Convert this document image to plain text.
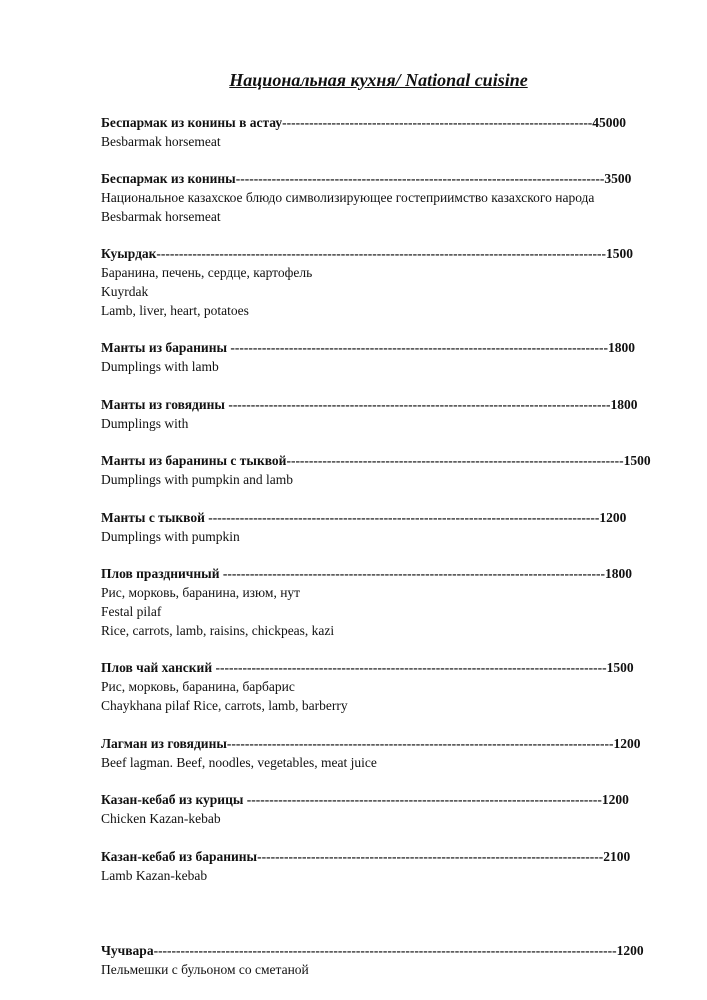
Национальная кухня/ National cuisine
Беспармак из конины в астау---------------------------------------------------------------------45000
Besbarmak horsemeat
Беспармак из конины----------------------------------------------------------------------------------3500
Национальное казахское блюдо символизирующее гостеприимство казахского народа
Besbarmak horsemeat
Куырдак----------------------------------------------------------------------------------------------------1500
Баранина, печень, сердце, картофель
Kuyrdak
Lamb, liver, heart, potatoes
Манты из баранины ------------------------------------------------------------------------------------1800
Dumplings with lamb
Манты из говядины -------------------------------------------------------------------------------------1800
Dumplings with
Манты из баранины с тыквой---------------------------------------------------------------------------1500
Dumplings with pumpkin and lamb
Манты с тыквой ---------------------------------------------------------------------------------------1200
Dumplings with pumpkin
Плов праздничный -------------------------------------------------------------------------------------1800
Рис, морковь, баранина, изюм, нут
Festal pilaf
Rice, carrots, lamb, raisins, chickpeas, kazi
Плов чай ханский ---------------------------------------------------------------------------------------1500
Рис, морковь, баранина, барбарис
Chaykhana pilaf Rice, carrots, lamb, barberry
Лагман из говядины--------------------------------------------------------------------------------------1200
Beef lagman. Beef, noodles, vegetables, meat juice
Казан-кебаб из курицы -------------------------------------------------------------------------------1200
Chicken Kazan-kebab
Казан-кебаб из баранины-----------------------------------------------------------------------------2100
Lamb Kazan-kebab
Чучвара-------------------------------------------------------------------------------------------------------1200
Пельмешки с бульоном со сметаной
